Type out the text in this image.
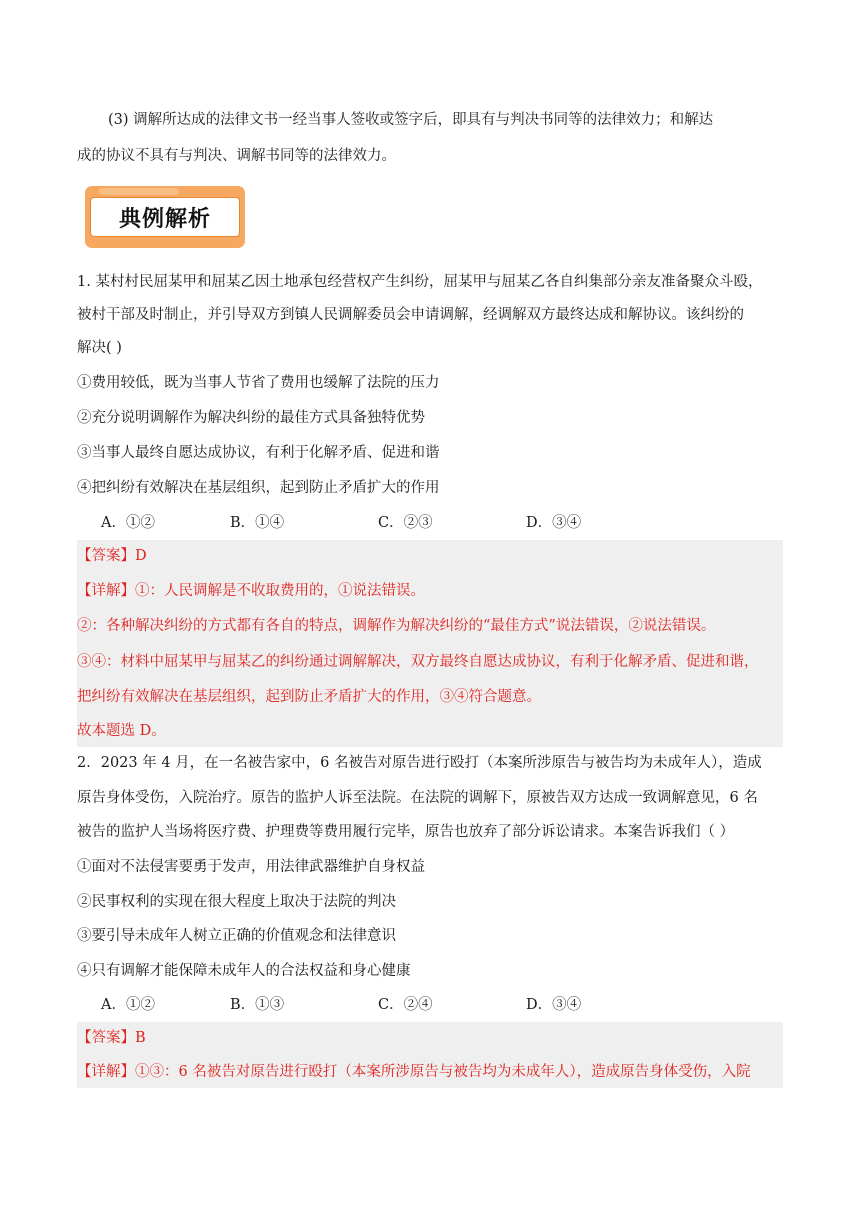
(3) 调解所达成的法律文书一经当事人签收或签字后，即具有与判决书同等的法律效力；和解达
成的协议不具有与判决、调解书同等的法律效力。
典例解析
1. 某村村民屈某甲和屈某乙因土地承包经营权产生纠纷，屈某甲与屈某乙各自纠集部分亲友准备聚众斗殴，
被村干部及时制止，并引导双方到镇人民调解委员会申请调解，经调解双方最终达成和解协议。该纠纷的
解决( )
①费用较低，既为当事人节省了费用也缓解了法院的压力
②充分说明调解作为解决纠纷的最佳方式具备独特优势
③当事人最终自愿达成协议，有利于化解矛盾、促进和谐
④把纠纷有效解决在基层组织，起到防止矛盾扩大的作用
A．①②	B．①④	C．②③	D．③④
【答案】D
【详解】①：人民调解是不收取费用的，①说法错误。
②：各种解决纠纷的方式都有各自的特点，调解作为解决纠纷的“最佳方式”说法错误，②说法错误。
③④：材料中屈某甲与屈某乙的纠纷通过调解解决，双方最终自愿达成协议，有利于化解矛盾、促进和谐，
把纠纷有效解决在基层组织，起到防止矛盾扩大的作用，③④符合题意。
故本题选 D。
2．2023 年 4 月，在一名被告家中，6 名被告对原告进行殴打（本案所涉原告与被告均为未成年人），造成
原告身体受伤，入院治疗。原告的监护人诉至法院。在法院的调解下，原被告双方达成一致调解意见，6 名
被告的监护人当场将医疗费、护理费等费用履行完毕，原告也放弃了部分诉讼请求。本案告诉我们（ ）
①面对不法侵害要勇于发声，用法律武器维护自身权益
②民事权利的实现在很大程度上取决于法院的判决
③要引导未成年人树立正确的价值观念和法律意识
④只有调解才能保障未成年人的合法权益和身心健康
A．①②	B．①③	C．②④	D．③④
【答案】B
【详解】①③：6 名被告对原告进行殴打（本案所涉原告与被告均为未成年人），造成原告身体受伤，入院
